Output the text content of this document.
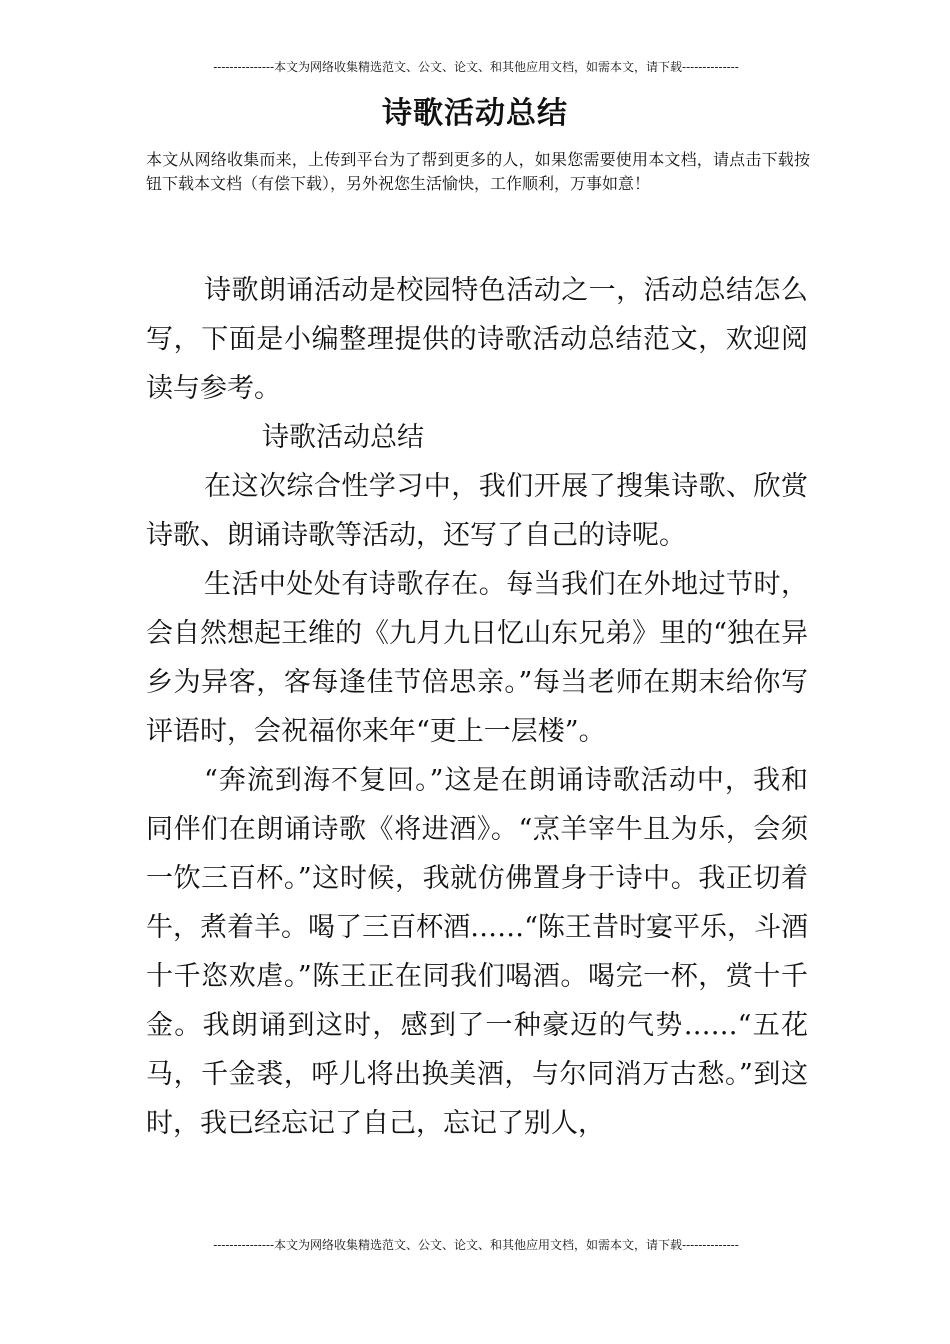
---------------本文为网络收集精选范文、公文、论文、和其他应用文档，如需本文，请下载--------------
诗歌活动总结
本文从网络收集而来，上传到平台为了帮到更多的人，如果您需要使用本文档，请点击下载按钮下载本文档（有偿下载），另外祝您生活愉快，工作顺利，万事如意！

诗歌朗诵活动是校园特色活动之一，活动总结怎么写，下面是小编整理提供的诗歌活动总结范文，欢迎阅读与参考。

诗歌活动总结

在这次综合性学习中，我们开展了搜集诗歌、欣赏诗歌、朗诵诗歌等活动，还写了自己的诗呢。

生活中处处有诗歌存在。每当我们在外地过节时，会自然想起王维的《九月九日忆山东兄弟》里的“独在异乡为异客，客每逢佳节倍思亲。”每当老师在期末给你写评语时，会祝福你来年“更上一层楼”。

“奔流到海不复回。”这是在朗诵诗歌活动中，我和同伴们在朗诵诗歌《将进酒》。“烹羊宰牛且为乐，会须一饮三百杯。”这时候，我就仿佛置身于诗中。我正切着牛，煮着羊。喝了三百杯酒……“陈王昔时宴平乐，斗酒十千恣欢虐。”陈王正在同我们喝酒。喝完一杯，赏十千金。我朗诵到这时，感到了一种豪迈的气势……“五花马，千金裘，呼儿将出换美酒，与尔同消万古愁。”到这时，我已经忘记了自己，忘记了别人，

---------------本文为网络收集精选范文、公文、论文、和其他应用文档，如需本文，请下载--------------
